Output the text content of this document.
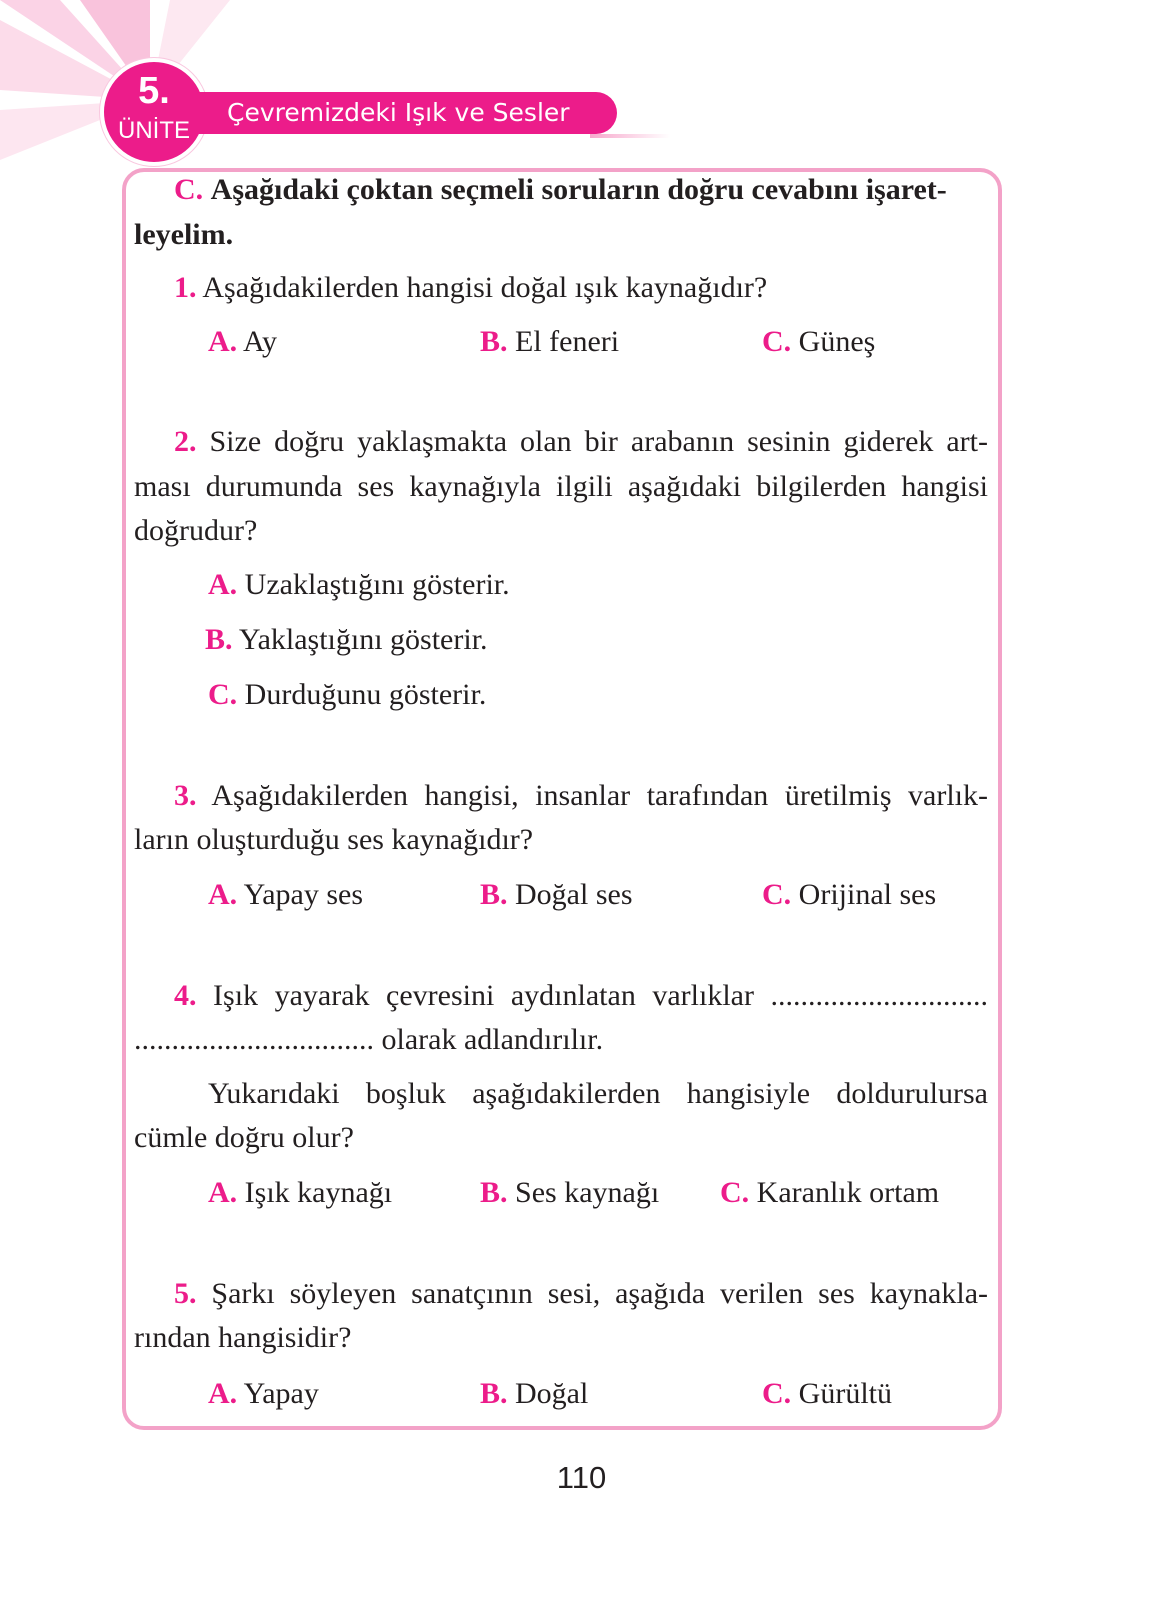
5.
ÜNİTE
Çevremizdeki Işık ve Sesler
C. Aşağıdaki çoktan seçmeli soruların doğru cevabını işaret-
leyelim.
1. Aşağıdakilerden hangisi doğal ışık kaynağıdır?
A. Ay	B. El feneri	C. Güneş
2. Size doğru yaklaşmakta olan bir arabanın sesinin giderek art-
ması durumunda ses kaynağıyla ilgili aşağıdaki bilgilerden hangisi
doğrudur?
A. Uzaklaştığını gösterir.
B. Yaklaştığını gösterir.
C. Durduğunu gösterir.
3. Aşağıdakilerden hangisi, insanlar tarafından üretilmiş varlık-
ların oluşturduğu ses kaynağıdır?
A. Yapay ses	B. Doğal ses	C. Orijinal ses
4. Işık yayarak çevresini aydınlatan varlıklar .............................
................................ olarak adlandırılır.
Yukarıdaki boşluk aşağıdakilerden hangisiyle doldurulursa
cümle doğru olur?
A. Işık kaynağı	B. Ses kaynağı C. Karanlık ortam
5. Şarkı söyleyen sanatçının sesi, aşağıda verilen ses kaynakla-
rından hangisidir?
A. Yapay	B. Doğal	C. Gürültü
110
